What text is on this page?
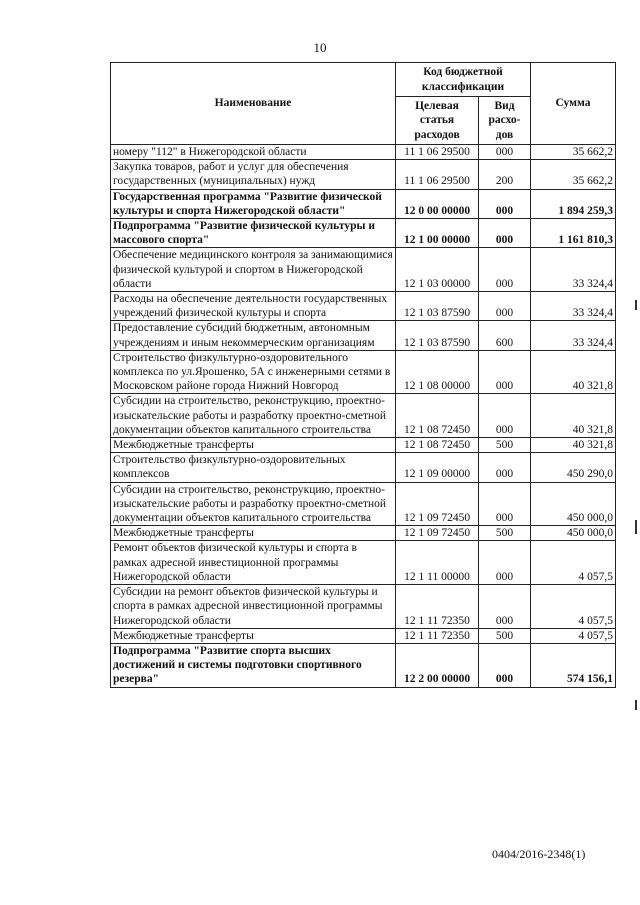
10
Наименование	Код бюджетной классификации		Сумма
	Целевая статья расходов	Вид расхо-дов	
номеру "112" в Нижегородской области	11 1 06 29500	000	35 662,2
Закупка товаров, работ и услуг для обеспечения государственных (муниципальных) нужд	11 1 06 29500	200	35 662,2
Государственная программа "Развитие физической культуры и спорта Нижегородской области"	12 0 00 00000	000	1 894 259,3
Подпрограмма "Развитие физической культуры и массового спорта"	12 1 00 00000	000	1 161 810,3
Обеспечение медицинского контроля за занимающимися физической культурой и спортом в Нижегородской области	12 1 03 00000	000	33 324,4
Расходы на обеспечение деятельности государственных учреждений физической культуры и спорта	12 1 03 87590	000	33 324,4
Предоставление субсидий бюджетным, автономным учреждениям и иным некоммерческим организациям	12 1 03 87590	600	33 324,4
Строительство физкультурно-оздоровительного комплекса по ул.Ярошенко, 5А с инженерными сетями в Московском районе города Нижний Новгород	12 1 08 00000	000	40 321,8
Субсидии на строительство, реконструкцию, проектно-изыскательские работы и разработку проектно-сметной документации объектов капитального строительства	12 1 08 72450	000	40 321,8
Межбюджетные трансферты	12 1 08 72450	500	40 321,8
Строительство физкультурно-оздоровительных комплексов	12 1 09 00000	000	450 290,0
Субсидии на строительство, реконструкцию, проектно-изыскательские работы и разработку проектно-сметной документации объектов капитального строительства	12 1 09 72450	000	450 000,0
Межбюджетные трансферты	12 1 09 72450	500	450 000,0
Ремонт объектов физической культуры и спорта в рамках адресной инвестиционной программы Нижегородской области	12 1 11 00000	000	4 057,5
Субсидии на ремонт объектов физической культуры и спорта в рамках адресной инвестиционной программы Нижегородской области	12 1 11 72350	000	4 057,5
Межбюджетные трансферты	12 1 11 72350	500	4 057,5
Подпрограмма "Развитие спорта высших достижений и системы подготовки спортивного резерва"	12 2 00 00000	000	574 156,1
0404/2016-2348(1)
